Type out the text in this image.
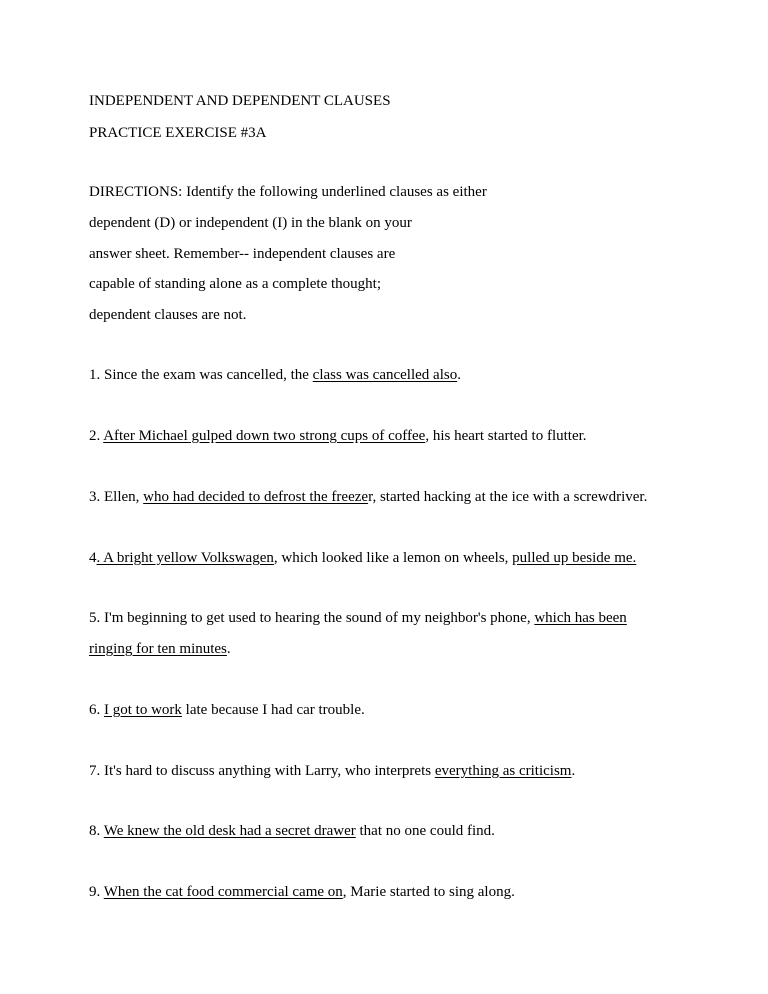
INDEPENDENT AND DEPENDENT CLAUSES
PRACTICE EXERCISE #3A
DIRECTIONS: Identify the following underlined clauses as either
dependent (D) or independent (I) in the blank on your
answer sheet. Remember-- independent clauses are
capable of standing alone as a complete thought;
dependent clauses are not.
1. Since the exam was cancelled, the class was cancelled also.
2. After Michael gulped down two strong cups of coffee, his heart started to flutter.
3. Ellen, who had decided to defrost the freezer, started hacking at the ice with a screwdriver.
4. A bright yellow Volkswagen, which looked like a lemon on wheels, pulled up beside me.
5. I'm beginning to get used to hearing the sound of my neighbor's phone, which has been
ringing for ten minutes.
6. I got to work late because I had car trouble.
7. It's hard to discuss anything with Larry, who interprets everything as criticism.
8. We knew the old desk had a secret drawer that no one could find.
9. When the cat food commercial came on, Marie started to sing along.
